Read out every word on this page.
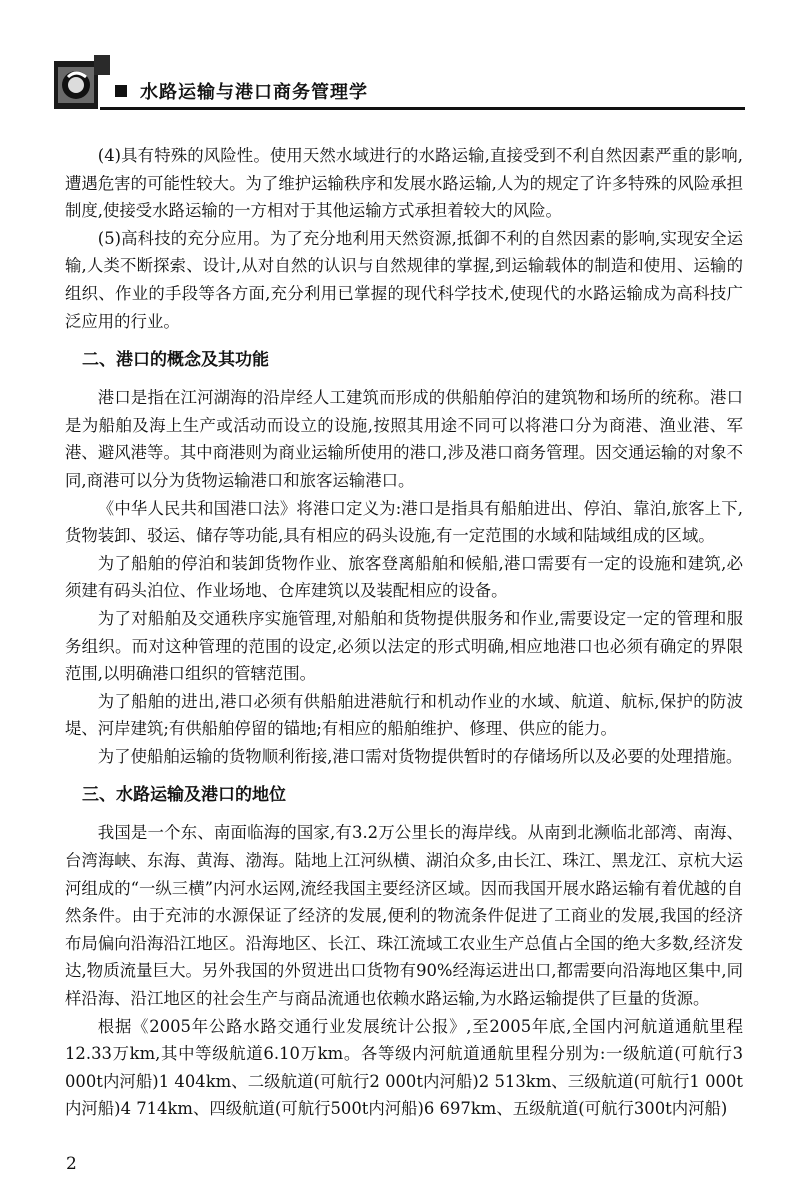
水路运输与港口商务管理学

(4)具有特殊的风险性。使用天然水域进行的水路运输,直接受到不利自然因素严重的影响,遭遇危害的可能性较大。为了维护运输秩序和发展水路运输,人为的规定了许多特殊的风险承担制度,使接受水路运输的一方相对于其他运输方式承担着较大的风险。

(5)高科技的充分应用。为了充分地利用天然资源,抵御不利的自然因素的影响,实现安全运输,人类不断探索、设计,从对自然的认识与自然规律的掌握,到运输载体的制造和使用、运输的组织、作业的手段等各方面,充分利用已掌握的现代科学技术,使现代的水路运输成为高科技广泛应用的行业。

二、港口的概念及其功能

港口是指在江河湖海的沿岸经人工建筑而形成的供船舶停泊的建筑物和场所的统称。港口是为船舶及海上生产或活动而设立的设施,按照其用途不同可以将港口分为商港、渔业港、军港、避风港等。其中商港则为商业运输所使用的港口,涉及港口商务管理。因交通运输的对象不同,商港可以分为货物运输港口和旅客运输港口。

《中华人民共和国港口法》将港口定义为:港口是指具有船舶进出、停泊、靠泊,旅客上下,货物装卸、驳运、储存等功能,具有相应的码头设施,有一定范围的水域和陆域组成的区域。

为了船舶的停泊和装卸货物作业、旅客登离船舶和候船,港口需要有一定的设施和建筑,必须建有码头泊位、作业场地、仓库建筑以及装配相应的设备。

为了对船舶及交通秩序实施管理,对船舶和货物提供服务和作业,需要设定一定的管理和服务组织。而对这种管理的范围的设定,必须以法定的形式明确,相应地港口也必须有确定的界限范围,以明确港口组织的管辖范围。

为了船舶的进出,港口必须有供船舶进港航行和机动作业的水域、航道、航标,保护的防波堤、河岸建筑;有供船舶停留的锚地;有相应的船舶维护、修理、供应的能力。

为了使船舶运输的货物顺利衔接,港口需对货物提供暂时的存储场所以及必要的处理措施。

三、水路运输及港口的地位

我国是一个东、南面临海的国家,有3.2万公里长的海岸线。从南到北濒临北部湾、南海、台湾海峡、东海、黄海、渤海。陆地上江河纵横、湖泊众多,由长江、珠江、黑龙江、京杭大运河组成的“一纵三横”内河水运网,流经我国主要经济区域。因而我国开展水路运输有着优越的自然条件。由于充沛的水源保证了经济的发展,便利的物流条件促进了工商业的发展,我国的经济布局偏向沿海沿江地区。沿海地区、长江、珠江流域工农业生产总值占全国的绝大多数,经济发达,物质流量巨大。另外我国的外贸进出口货物有90%经海运进出口,都需要向沿海地区集中,同样沿海、沿江地区的社会生产与商品流通也依赖水路运输,为水路运输提供了巨量的货源。

根据《2005年公路水路交通行业发展统计公报》,至2005年底,全国内河航道通航里程12.33万km,其中等级航道6.10万km。各等级内河航道通航里程分别为:一级航道(可航行3 000t内河船)1 404km、二级航道(可航行2 000t内河船)2 513km、三级航道(可航行1 000t内河船)4 714km、四级航道(可航行500t内河船)6 697km、五级航道(可航行300t内河船)

2
